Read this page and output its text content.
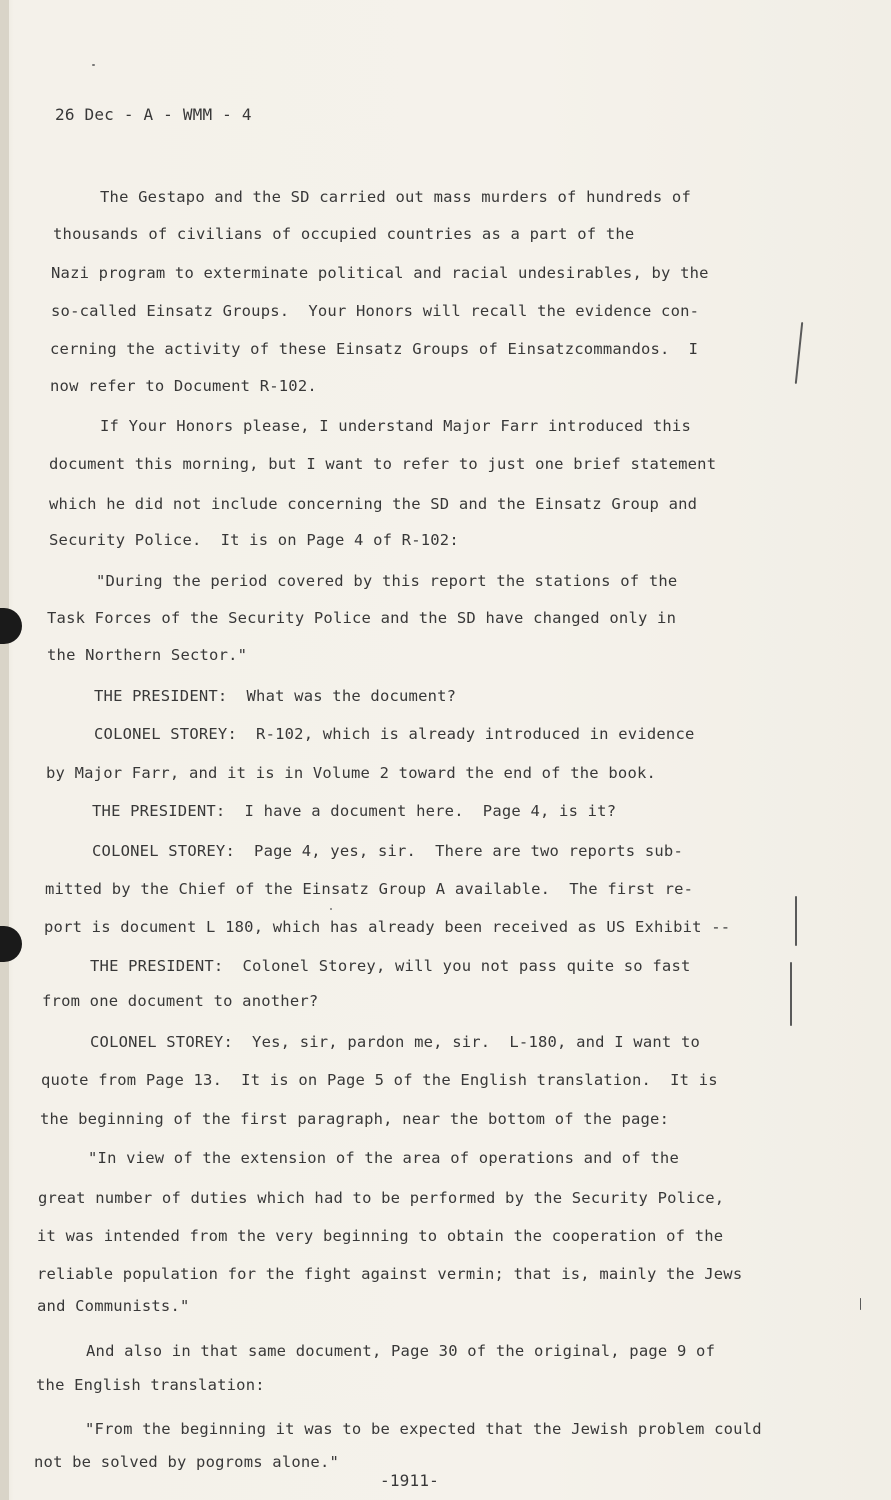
26 Dec - A - WMM - 4
The Gestapo and the SD carried out mass murders of hundreds of
thousands of civilians of occupied countries as a part of the
Nazi program to exterminate political and racial undesirables, by the
so-called Einsatz Groups.  Your Honors will recall the evidence con-
cerning the activity of these Einsatz Groups of Einsatzcommandos.  I
now refer to Document R-102.
If Your Honors please, I understand Major Farr introduced this
document this morning, but I want to refer to just one brief statement
which he did not include concerning the SD and the Einsatz Group and
Security Police.  It is on Page 4 of R-102:
"During the period covered by this report the stations of the
Task Forces of the Security Police and the SD have changed only in
the Northern Sector."
THE PRESIDENT:  What was the document?
COLONEL STOREY:  R-102, which is already introduced in evidence
by Major Farr, and it is in Volume 2 toward the end of the book.
THE PRESIDENT:  I have a document here.  Page 4, is it?
COLONEL STOREY:  Page 4, yes, sir.  There are two reports sub-
mitted by the Chief of the Einsatz Group A available.  The first re-
port is document L 180, which has already been received as US Exhibit --
THE PRESIDENT:  Colonel Storey, will you not pass quite so fast
from one document to another?
COLONEL STOREY:  Yes, sir, pardon me, sir.  L-180, and I want to
quote from Page 13.  It is on Page 5 of the English translation.  It is
the beginning of the first paragraph, near the bottom of the page:
"In view of the extension of the area of operations and of the
great number of duties which had to be performed by the Security Police,
it was intended from the very beginning to obtain the cooperation of the
reliable population for the fight against vermin; that is, mainly the Jews
and Communists."
And also in that same document, Page 30 of the original, page 9 of
the English translation:
"From the beginning it was to be expected that the Jewish problem could
not be solved by pogroms alone."
-1911-
